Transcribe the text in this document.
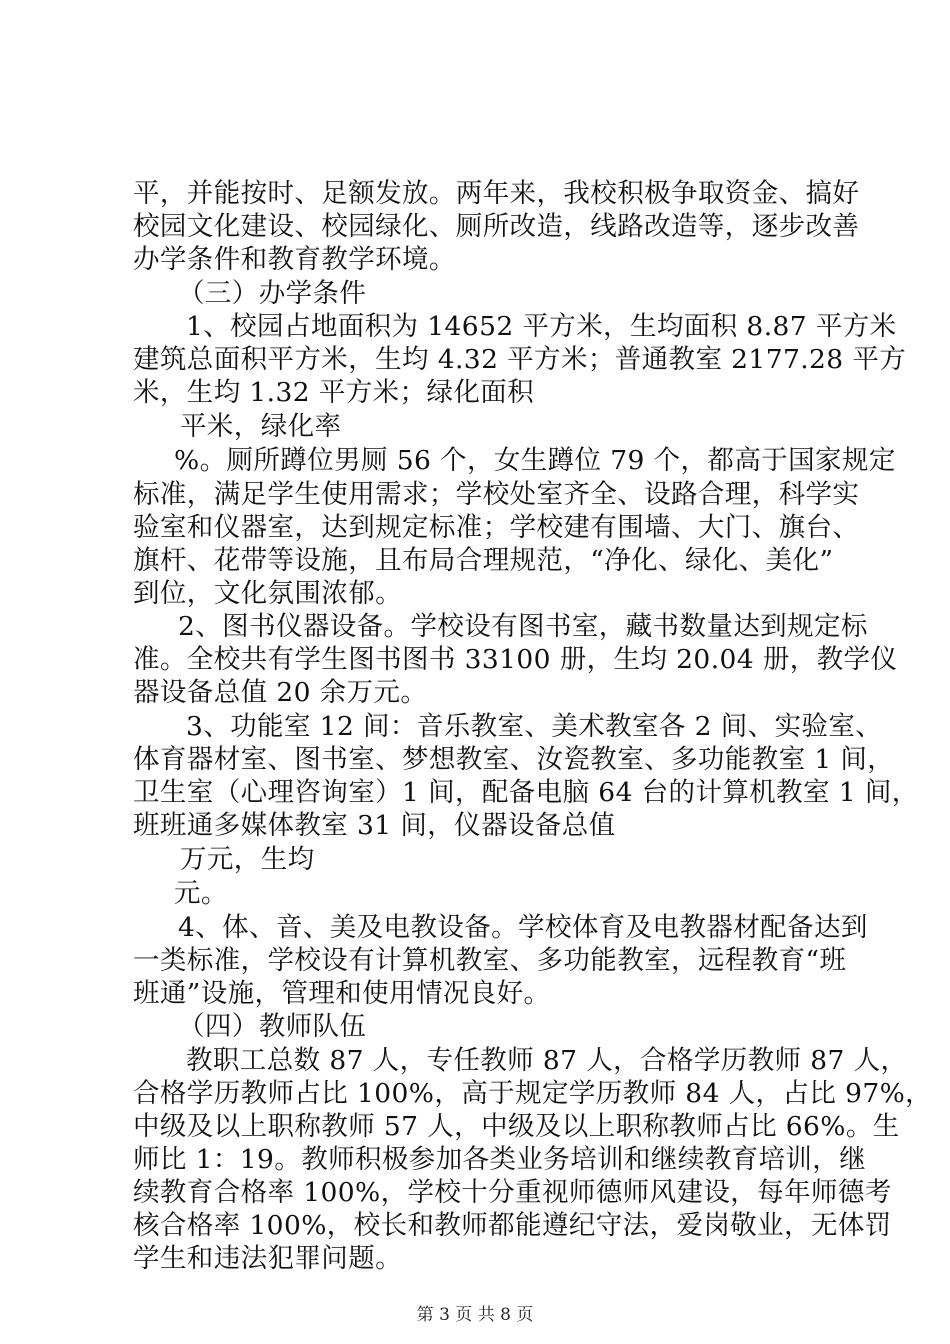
平，并能按时、足额发放。两年来，我校积极争取资金、搞好
校园文化建设、校园绿化、厕所改造，线路改造等，逐步改善
办学条件和教育教学环境。
（三）办学条件
1、校园占地面积为 14652 平方米，生均面积 8.87 平方米
建筑总面积平方米，生均 4.32 平方米；普通教室 2177.28 平方
米，生均 1.32 平方米；绿化面积
平米，绿化率
%。厕所蹲位男厕 56 个，女生蹲位 79 个，都高于国家规定
标准，满足学生使用需求；学校处室齐全、设路合理，科学实
验室和仪器室，达到规定标准；学校建有围墙、大门、旗台、
旗杆、花带等设施，且布局合理规范，“净化、绿化、美化”
到位，文化氛围浓郁。
2、图书仪器设备。学校设有图书室，藏书数量达到规定标
准。全校共有学生图书图书 33100 册，生均 20.04 册，教学仪
器设备总值 20 余万元。
3、功能室 12 间：音乐教室、美术教室各 2 间、实验室、
体育器材室、图书室、梦想教室、汝瓷教室、多功能教室 1 间，
卫生室（心理咨询室）1 间，配备电脑 64 台的计算机教室 1 间，
班班通多媒体教室 31 间，仪器设备总值
万元，生均
元。
4、体、音、美及电教设备。学校体育及电教器材配备达到
一类标准，学校设有计算机教室、多功能教室，远程教育“班
班通”设施，管理和使用情况良好。
（四）教师队伍
教职工总数 87 人，专任教师 87 人，合格学历教师 87 人，
合格学历教师占比 100%，高于规定学历教师 84 人，占比 97%，
中级及以上职称教师 57 人，中级及以上职称教师占比 66%。生
师比 1：19。教师积极参加各类业务培训和继续教育培训，继
续教育合格率 100%，学校十分重视师德师风建设，每年师德考
核合格率 100%，校长和教师都能遵纪守法，爱岗敬业，无体罚
学生和违法犯罪问题。
第 3 页 共 8 页
